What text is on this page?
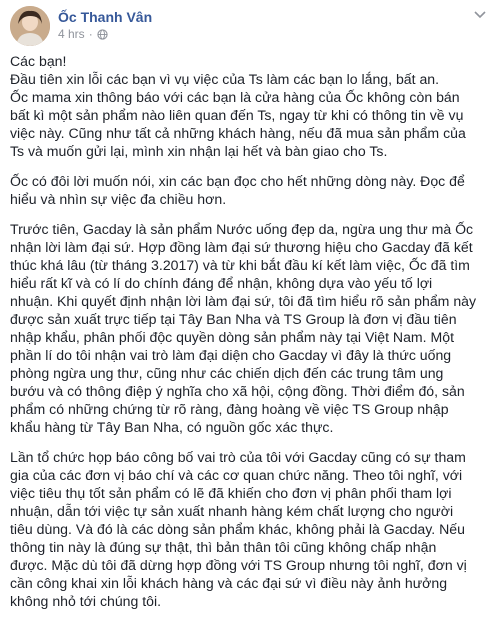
Ốc Thanh Vân
4 hrs ·

Các bạn!
Đầu tiên xin lỗi các bạn vì vụ việc của Ts làm các bạn lo lắng, bất an.
Ốc mama xin thông báo với các bạn là cửa hàng của Ốc không còn bán
bất kì một sản phẩm nào liên quan đến Ts, ngay từ khi có thông tin về vụ
việc này. Cũng như tất cả những khách hàng, nếu đã mua sản phẩm của
Ts và muốn gửi lại, mình xin nhận lại hết và bàn giao cho Ts.

Ốc có đôi lời muốn nói, xin các bạn đọc cho hết những dòng này. Đọc để
hiểu và nhìn sự việc đa chiều hơn.

Trước tiên, Gacday là sản phẩm Nước uống đẹp da, ngừa ung thư mà Ốc
nhận lời làm đại sứ. Hợp đồng làm đại sứ thương hiệu cho Gacday đã kết
thúc khá lâu (từ tháng 3.2017) và từ khi bắt đầu kí kết làm việc, Ốc đã tìm
hiểu rất kĩ và có lí do chính đáng để nhận, không dựa vào yếu tố lợi
nhuận. Khi quyết định nhận lời làm đại sứ, tôi đã tìm hiểu rõ sản phẩm này
được sản xuất trực tiếp tại Tây Ban Nha và TS Group là đơn vị đầu tiên
nhập khẩu, phân phối độc quyền dòng sản phẩm này tại Việt Nam. Một
phần lí do tôi nhận vai trò làm đại diện cho Gacday vì đây là thức uống
phòng ngừa ung thư, cũng như các chiến dịch đến các trung tâm ung
bướu và có thông điệp ý nghĩa cho xã hội, cộng đồng. Thời điểm đó, sản
phẩm có những chứng từ rõ ràng, đàng hoàng về việc TS Group nhập
khẩu hàng từ Tây Ban Nha, có nguồn gốc xác thực.

Lần tổ chức họp báo công bố vai trò của tôi với Gacday cũng có sự tham
gia của các đơn vị báo chí và các cơ quan chức năng. Theo tôi nghĩ, với
việc tiêu thụ tốt sản phẩm có lẽ đã khiến cho đơn vị phân phối tham lợi
nhuận, dẫn tới việc tự sản xuất nhanh hàng kém chất lượng cho người
tiêu dùng. Và đó là các dòng sản phẩm khác, không phải là Gacday. Nếu
thông tin này là đúng sự thật, thì bản thân tôi cũng không chấp nhận
được. Mặc dù tôi đã dừng hợp đồng với TS Group nhưng tôi nghĩ, đơn vị
cần công khai xin lỗi khách hàng và các đại sứ vì điều này ảnh hưởng
không nhỏ tới chúng tôi.
